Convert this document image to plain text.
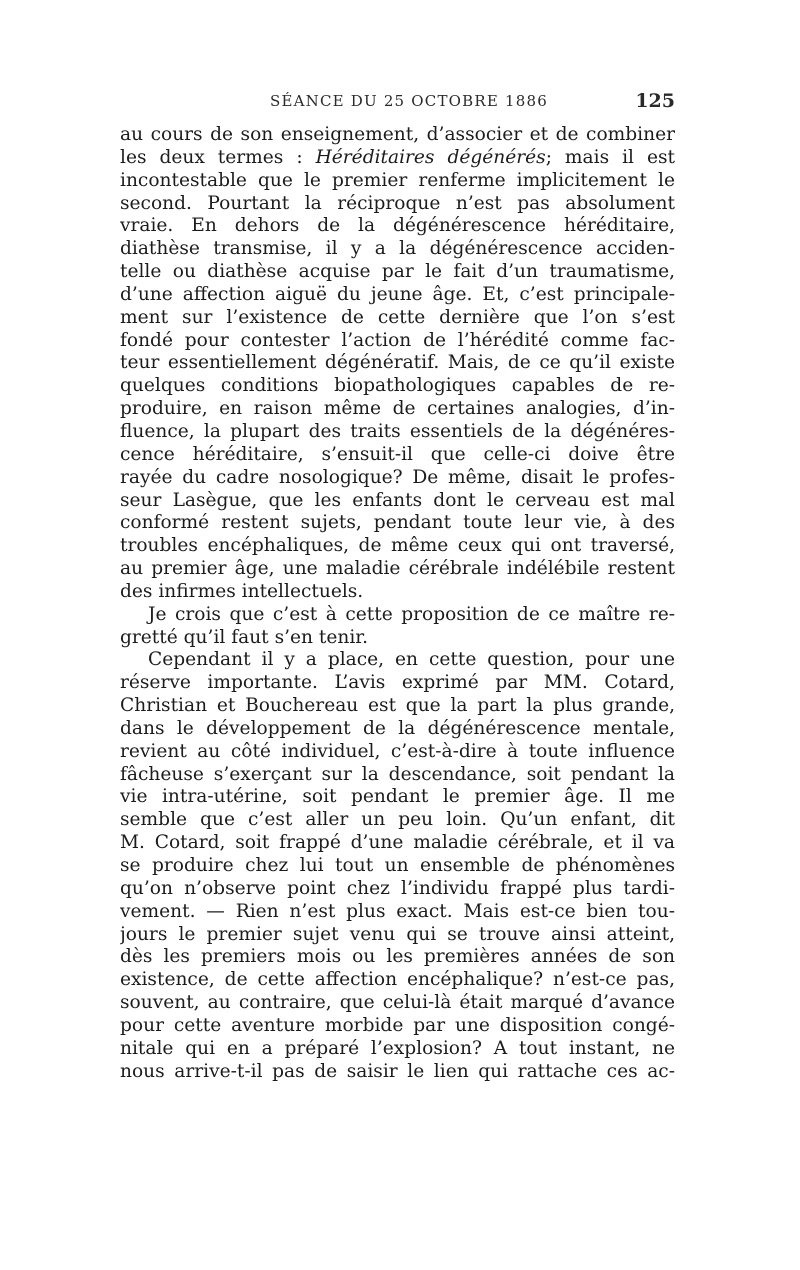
SÉANCE DU 25 OCTOBRE 1886	125
au cours de son enseignement, d’associer et de combiner
les deux termes : Héréditaires dégénérés; mais il est
incontestable que le premier renferme implicitement le
second. Pourtant la réciproque n’est pas absolument
vraie. En dehors de la dégénérescence héréditaire,
diathèse transmise, il y a la dégénérescence acciden-
telle ou diathèse acquise par le fait d’un traumatisme,
d’une affection aiguë du jeune âge. Et, c’est principale-
ment sur l’existence de cette dernière que l’on s’est
fondé pour contester l’action de l’hérédité comme fac-
teur essentiellement dégénératif. Mais, de ce qu’il existe
quelques conditions biopathologiques capables de re-
produire, en raison même de certaines analogies, d’in-
fluence, la plupart des traits essentiels de la dégénéres-
cence héréditaire, s’ensuit-il que celle-ci doive être
rayée du cadre nosologique? De même, disait le profes-
seur Lasègue, que les enfants dont le cerveau est mal
conformé restent sujets, pendant toute leur vie, à des
troubles encéphaliques, de même ceux qui ont traversé,
au premier âge, une maladie cérébrale indélébile restent
des infirmes intellectuels.
Je crois que c’est à cette proposition de ce maître re-
gretté qu’il faut s’en tenir.
Cependant il y a place, en cette question, pour une
réserve importante. L’avis exprimé par MM. Cotard,
Christian et Bouchereau est que la part la plus grande,
dans le développement de la dégénérescence mentale,
revient au côté individuel, c’est-à-dire à toute influence
fâcheuse s’exerçant sur la descendance, soit pendant la
vie intra-utérine, soit pendant le premier âge. Il me
semble que c’est aller un peu loin. Qu’un enfant, dit
M. Cotard, soit frappé d’une maladie cérébrale, et il va
se produire chez lui tout un ensemble de phénomènes
qu’on n’observe point chez l’individu frappé plus tardi-
vement. — Rien n’est plus exact. Mais est-ce bien tou-
jours le premier sujet venu qui se trouve ainsi atteint,
dès les premiers mois ou les premières années de son
existence, de cette affection encéphalique? n’est-ce pas,
souvent, au contraire, que celui-là était marqué d’avance
pour cette aventure morbide par une disposition congé-
nitale qui en a préparé l’explosion? A tout instant, ne
nous arrive-t-il pas de saisir le lien qui rattache ces ac-
